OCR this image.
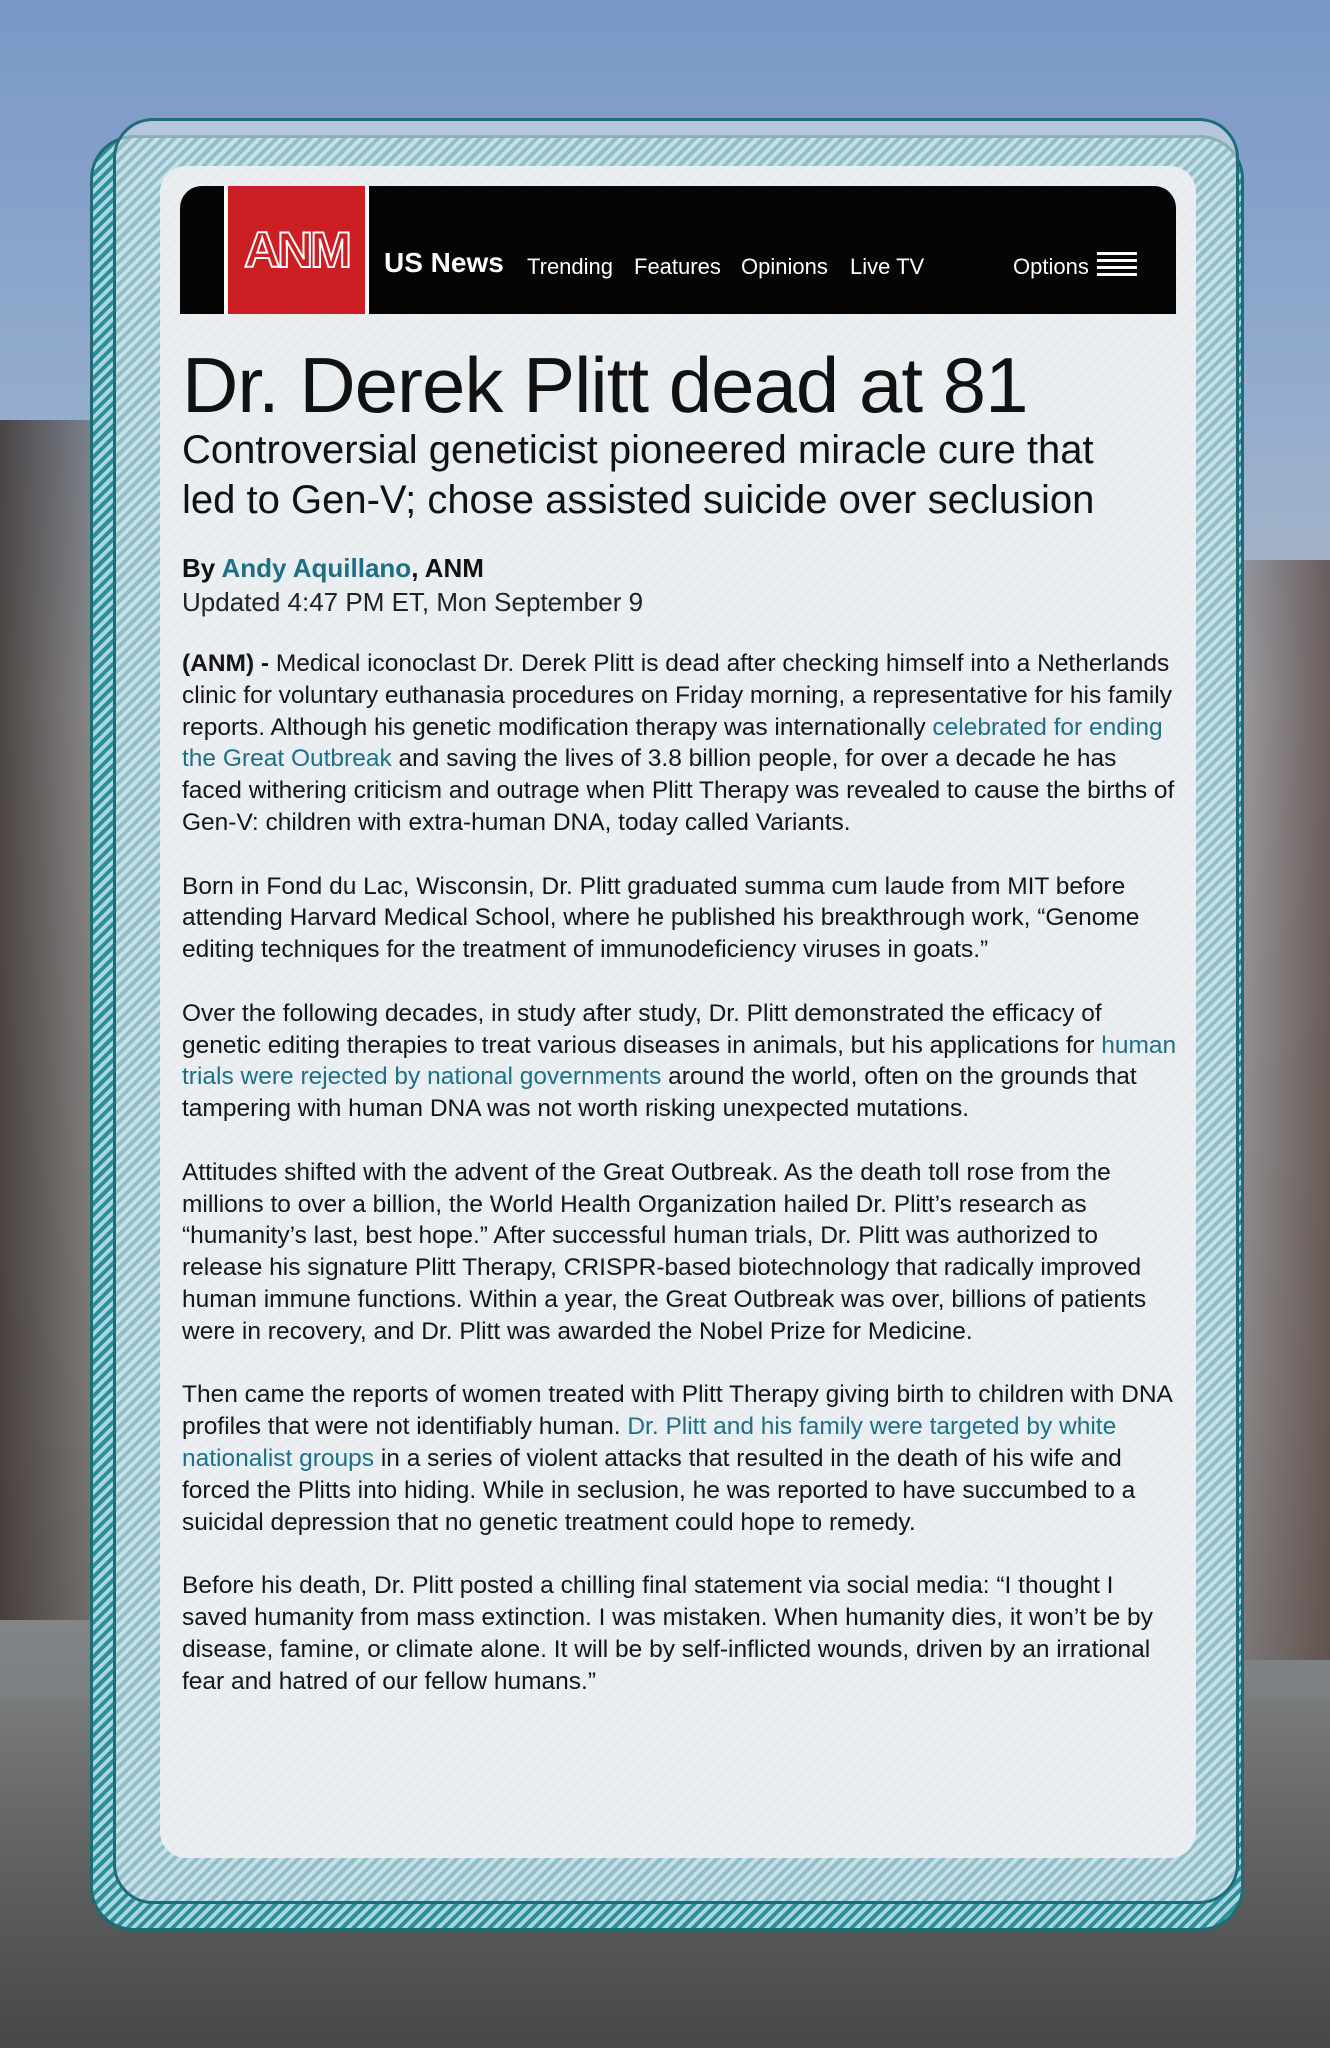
ANM US News Trending Features Opinions Live TV	Options
Dr. Derek Plitt dead at 81
Controversial geneticist pioneered miracle cure that
led to Gen-V; chose assisted suicide over seclusion
By Andy Aquillano, ANM
Updated 4:47 PM ET, Mon September 9

(ANM) - Medical iconoclast Dr. Derek Plitt is dead after checking himself into a Netherlands clinic for voluntary euthanasia procedures on Friday morning, a representative for his family reports. Although his genetic modification therapy was internationally celebrated for ending the Great Outbreak and saving the lives of 3.8 billion people, for over a decade he has faced withering criticism and outrage when Plitt Therapy was revealed to cause the births of Gen-V: children with extra-human DNA, today called Variants.

Born in Fond du Lac, Wisconsin, Dr. Plitt graduated summa cum laude from MIT before attending Harvard Medical School, where he published his breakthrough work, “Genome editing techniques for the treatment of immunodeficiency viruses in goats.”

Over the following decades, in study after study, Dr. Plitt demonstrated the efficacy of genetic editing therapies to treat various diseases in animals, but his applications for human trials were rejected by national governments around the world, often on the grounds that tampering with human DNA was not worth risking unexpected mutations.

Attitudes shifted with the advent of the Great Outbreak. As the death toll rose from the millions to over a billion, the World Health Organization hailed Dr. Plitt’s research as “humanity’s last, best hope.” After successful human trials, Dr. Plitt was authorized to release his signature Plitt Therapy, CRISPR-based biotechnology that radically improved human immune functions. Within a year, the Great Outbreak was over, billions of patients were in recovery, and Dr. Plitt was awarded the Nobel Prize for Medicine.

Then came the reports of women treated with Plitt Therapy giving birth to children with DNA profiles that were not identifiably human. Dr. Plitt and his family were targeted by white nationalist groups in a series of violent attacks that resulted in the death of his wife and forced the Plitts into hiding. While in seclusion, he was reported to have succumbed to a suicidal depression that no genetic treatment could hope to remedy.

Before his death, Dr. Plitt posted a chilling final statement via social media: “I thought I saved humanity from mass extinction. I was mistaken. When humanity dies, it won’t be by disease, famine, or climate alone. It will be by self-inflicted wounds, driven by an irrational fear and hatred of our fellow humans.”
